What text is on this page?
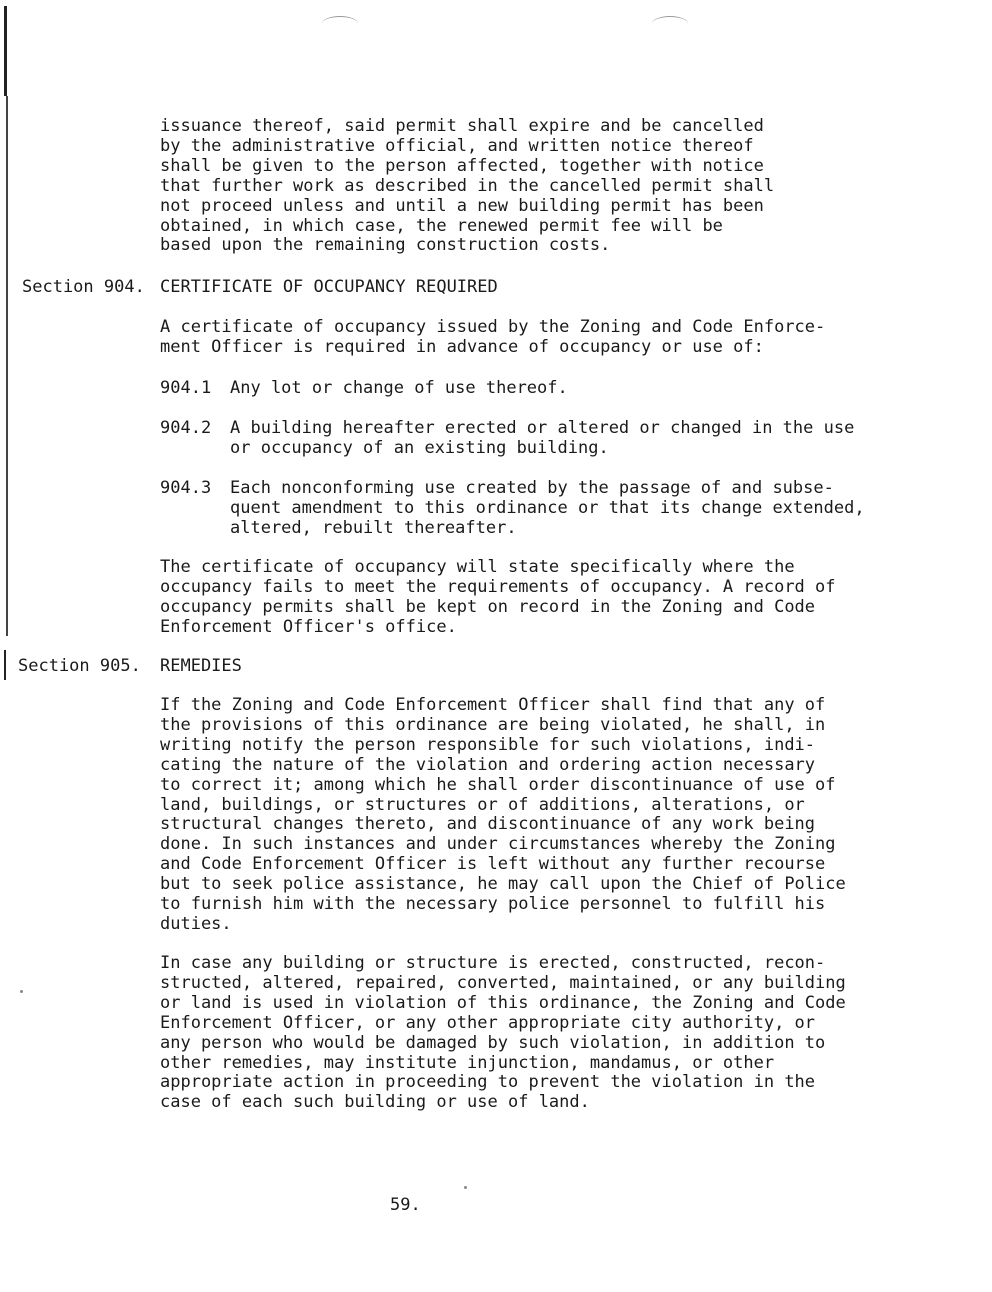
issuance thereof, said permit shall expire and be cancelled
by the administrative official, and written notice thereof
shall be given to the person affected, together with notice
that further work as described in the cancelled permit shall
not proceed unless and until a new building permit has been
obtained, in which case, the renewed permit fee will be
based upon the remaining construction costs.
Section 904. CERTIFICATE OF OCCUPANCY REQUIRED
A certificate of occupancy issued by the Zoning and Code Enforce-
ment Officer is required in advance of occupancy or use of:
904.1 Any lot or change of use thereof.
904.2 A building hereafter erected or altered or changed in the use
or occupancy of an existing building.
904.3 Each nonconforming use created by the passage of and subse-
quent amendment to this ordinance or that its change extended,
altered, rebuilt thereafter.
The certificate of occupancy will state specifically where the
occupancy fails to meet the requirements of occupancy. A record of
occupancy permits shall be kept on record in the Zoning and Code
Enforcement Officer's office.
Section 905. REMEDIES
If the Zoning and Code Enforcement Officer shall find that any of
the provisions of this ordinance are being violated, he shall, in
writing notify the person responsible for such violations, indi-
cating the nature of the violation and ordering action necessary
to correct it; among which he shall order discontinuance of use of
land, buildings, or structures or of additions, alterations, or
structural changes thereto, and discontinuance of any work being
done. In such instances and under circumstances whereby the Zoning
and Code Enforcement Officer is left without any further recourse
but to seek police assistance, he may call upon the Chief of Police
to furnish him with the necessary police personnel to fulfill his
duties.
In case any building or structure is erected, constructed, recon-
structed, altered, repaired, converted, maintained, or any building
or land is used in violation of this ordinance, the Zoning and Code
Enforcement Officer, or any other appropriate city authority, or
any person who would be damaged by such violation, in addition to
other remedies, may institute injunction, mandamus, or other
appropriate action in proceeding to prevent the violation in the
case of each such building or use of land.
59.
